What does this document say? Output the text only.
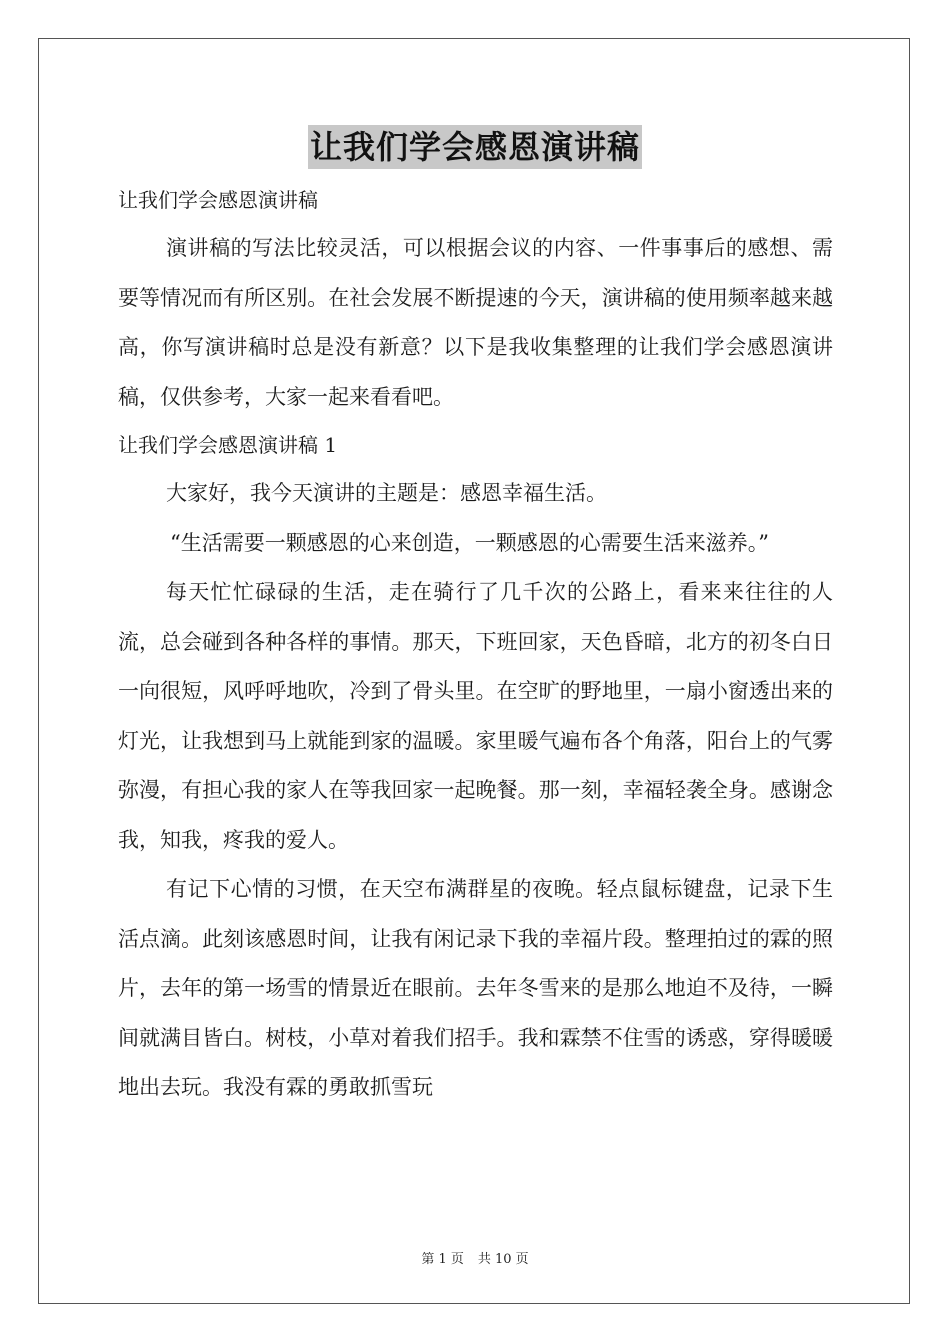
让我们学会感恩演讲稿

让我们学会感恩演讲稿

演讲稿的写法比较灵活，可以根据会议的内容、一件事事后的感想、需要等情况而有所区别。在社会发展不断提速的今天，演讲稿的使用频率越来越高，你写演讲稿时总是没有新意？以下是我收集整理的让我们学会感恩演讲稿，仅供参考，大家一起来看看吧。

让我们学会感恩演讲稿 1

大家好，我今天演讲的主题是：感恩幸福生活。

“生活需要一颗感恩的心来创造，一颗感恩的心需要生活来滋养。”

每天忙忙碌碌的生活，走在骑行了几千次的公路上，看来来往往的人流，总会碰到各种各样的事情。那天，下班回家，天色昏暗，北方的初冬白日一向很短，风呼呼地吹，冷到了骨头里。在空旷的野地里，一扇小窗透出来的灯光，让我想到马上就能到家的温暖。家里暖气遍布各个角落，阳台上的气雾弥漫，有担心我的家人在等我回家一起晚餐。那一刻，幸福轻袭全身。感谢念我，知我，疼我的爱人。

有记下心情的习惯，在天空布满群星的夜晚。轻点鼠标键盘，记录下生活点滴。此刻该感恩时间，让我有闲记录下我的幸福片段。整理拍过的霖的照片，去年的第一场雪的情景近在眼前。去年冬雪来的是那么地迫不及待，一瞬间就满目皆白。树枝，小草对着我们招手。我和霖禁不住雪的诱惑，穿得暖暖地出去玩。我没有霖的勇敢抓雪玩

第 1 页 共 10 页
